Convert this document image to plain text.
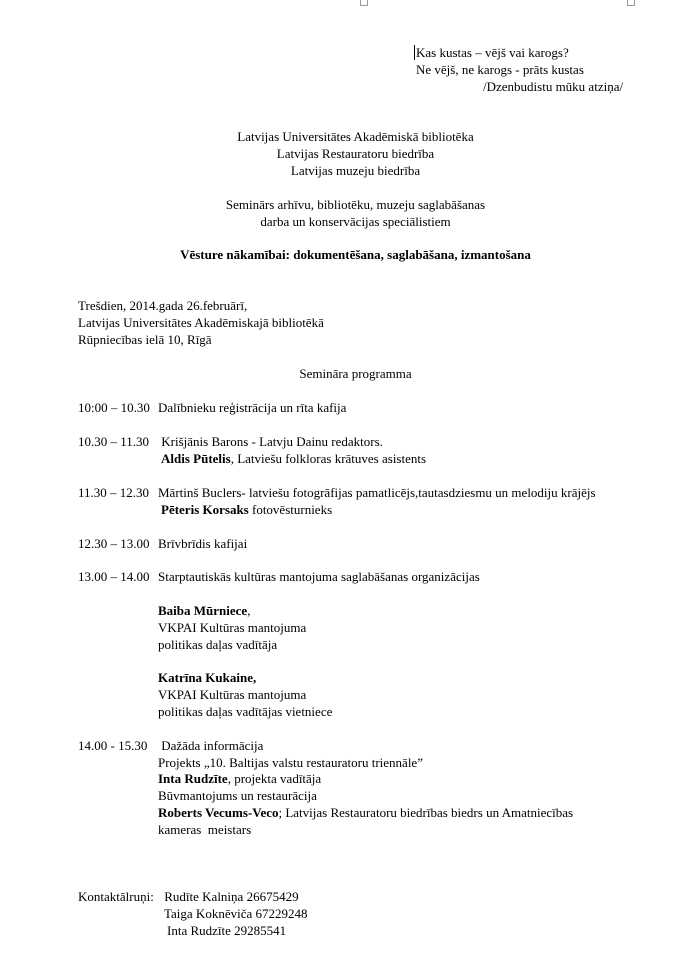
Kas kustas – vējš vai karogs?
Ne vējš, ne karogs - prāts kustas
/Dzenbudistu mūku atziņa/
Latvijas Universitātes Akadēmiskā bibliotēka
Latvijas Restauratoru biedrība
Latvijas muzeju biedrība
Seminārs arhīvu, bibliotēku, muzeju saglabāšanas
darba un konservācijas speciālistiem
Vēsture nākamībai: dokumentēšana, saglabāšana, izmantošana
Trešdien, 2014.gada 26.februārī,
Latvijas Universitātes Akadēmiskajā bibliotēkā
Rūpniecības ielā 10, Rīgā
Semināra programma
10:00 – 10.30 Dalībnieku reģistrācija un rīta kafija
10.30 – 11.30 Krišjānis Barons - Latvju Dainu redaktors.
Aldis Pūtelis, Latviešu folkloras krātuves asistents
11.30 – 12.30 Mārtinš Buclers- latviešu fotogrāfijas pamatlicējs,tautasdziesmu un melodiju krājējs
Pēteris Korsaks fotovēsturnieks
12.30 – 13.00 Brīvbrīdis kafijai
13.00 – 14.00 Starptautiskās kultūras mantojuma saglabāšanas organizācijas
Baiba Mūrniece,
VKPAI Kultūras mantojuma
politikas daļas vadītāja
Katrīna Kukaine,
VKPAI Kultūras mantojuma
politikas daļas vadītājas vietniece
14.00 - 15.30 Dažāda informācija
Projekts „10. Baltijas valstu restauratoru triennāle”
Inta Rudzīte, projekta vadītāja
Būvmantojums un restaurācija
Roberts Vecums-Veco; Latvijas Restauratoru biedrības biedrs un Amatniecības
kameras  meistars
Kontaktālruņi: Rudīte Kalniņa 26675429
Taiga Koknēviča 67229248
Inta Rudzīte 29285541
